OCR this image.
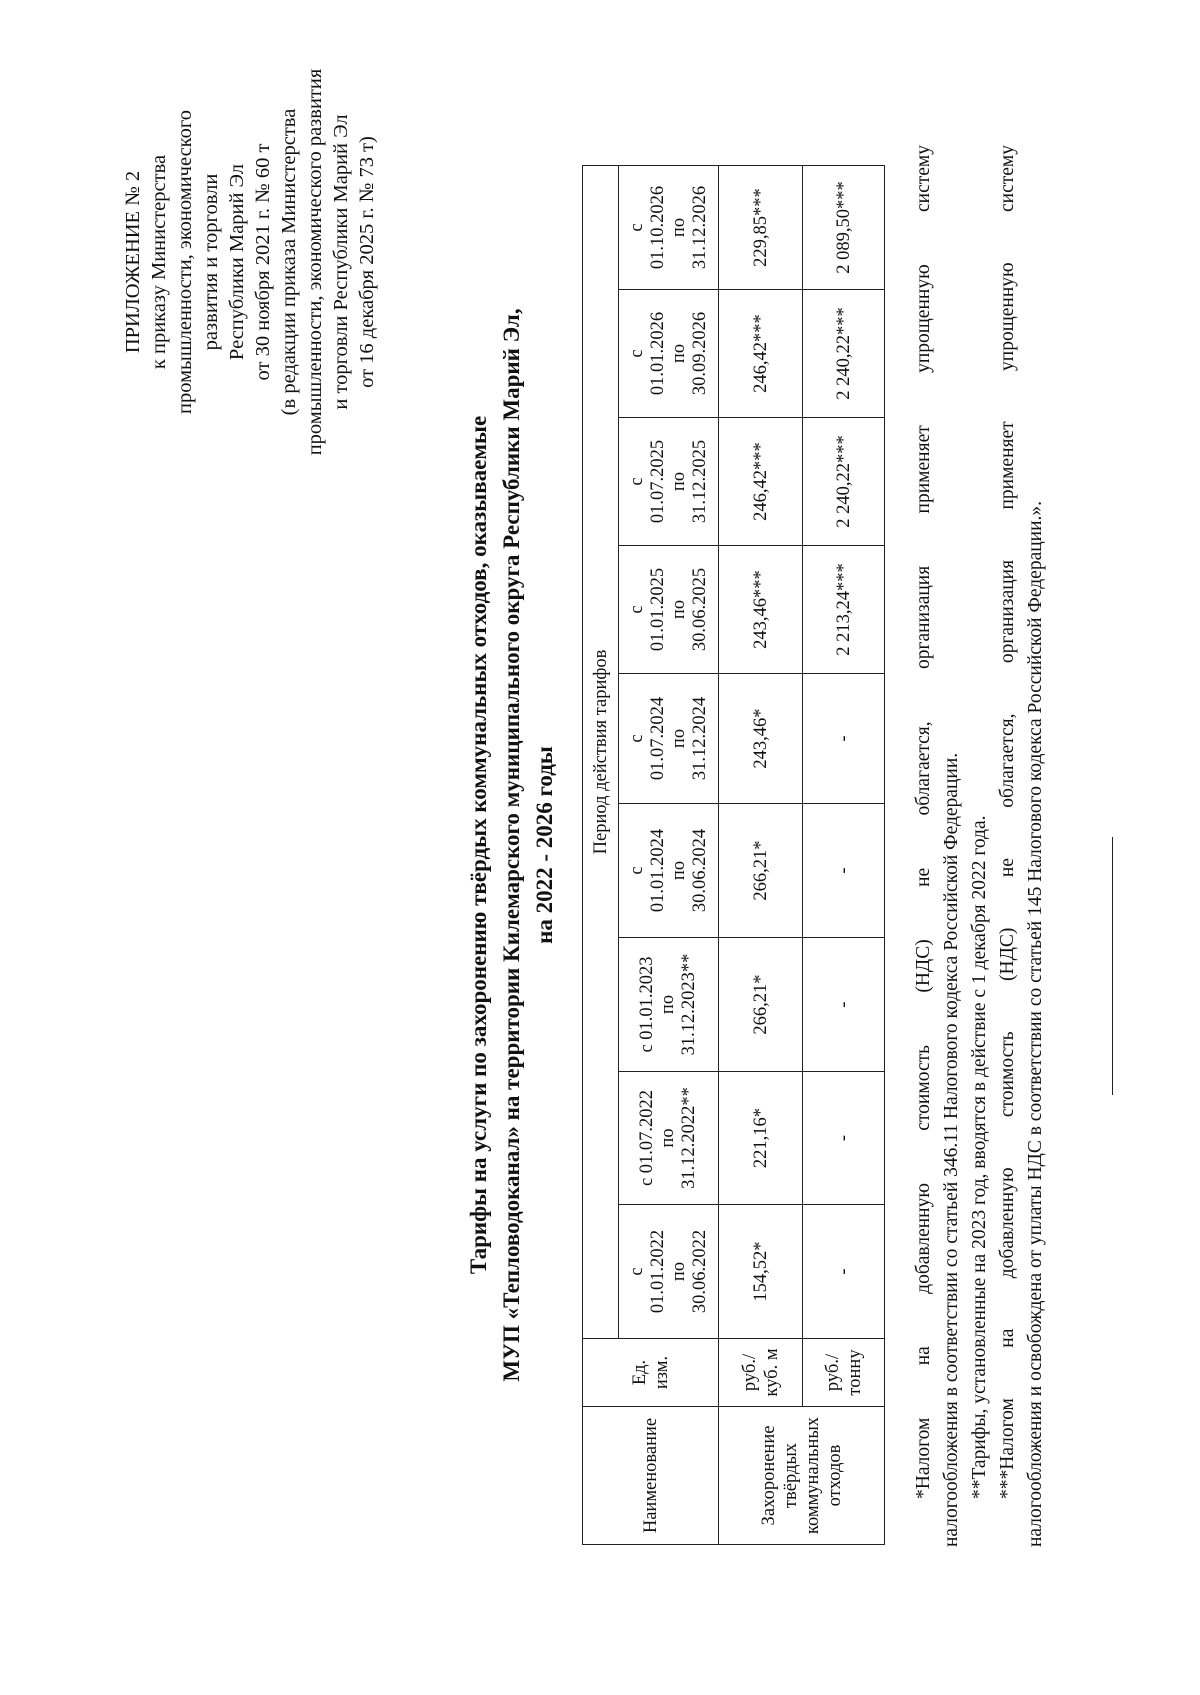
ПРИЛОЖЕНИЕ № 2 к приказу Министерства промышленности, экономического развития и торговли Республики Марий Эл от 30 ноября 2021 г. № 60 т (в редакции приказа Министерства промышленности, экономического развития и торговли Республики Марий Эл от 16 декабря 2025 г. № 73 т)
Тарифы на услуги по захоронению твёрдых коммунальных отходов, оказываемые МУП «Тепловодоканал» на территории Килемарского муниципального округа Республики Марий Эл, на 2022 - 2026 годы
Наименование	Ед. изм.	Период действия тарифов								

		с 01.01.2022 по 30.06.2022	с 01.07.2022 по 31.12.2022**	с 01.01.2023 по 31.12.2023**	с 01.01.2024 по 30.06.2024	с 01.07.2024 по 31.12.2024	с 01.01.2025 по 30.06.2025	с 01.07.2025 по 31.12.2025	с 01.01.2026 по 30.09.2026	с 01.10.2026 по 31.12.2026

Захоронение твёрдых коммунальных отходов	руб./ куб. м	154,52*	221,16*	266,21*	266,21*	243,46*	243,46***	246,42***	246,42***	229,85***
	руб./ тонну	-	-	-	-	-	2 213,24***	2 240,22***	2 240,22***	2 089,50***	*Налогом на добавленную стоимость (НДС) не облагается, организация применяет упрощенную систему налогообложения в соответствии со статьей 346.11 Налогового кодекса Российской Федерации. **Тарифы, установленные на 2023 год, вводятся в действие с 1 декабря 2022 года. ***Налогом на добавленную стоимость (НДС) не облагается, организация применяет упрощенную систему налогообложения и освобождена от уплаты НДС в соответствии со статьей 145 Налогового кодекса Российской Федерации.».
